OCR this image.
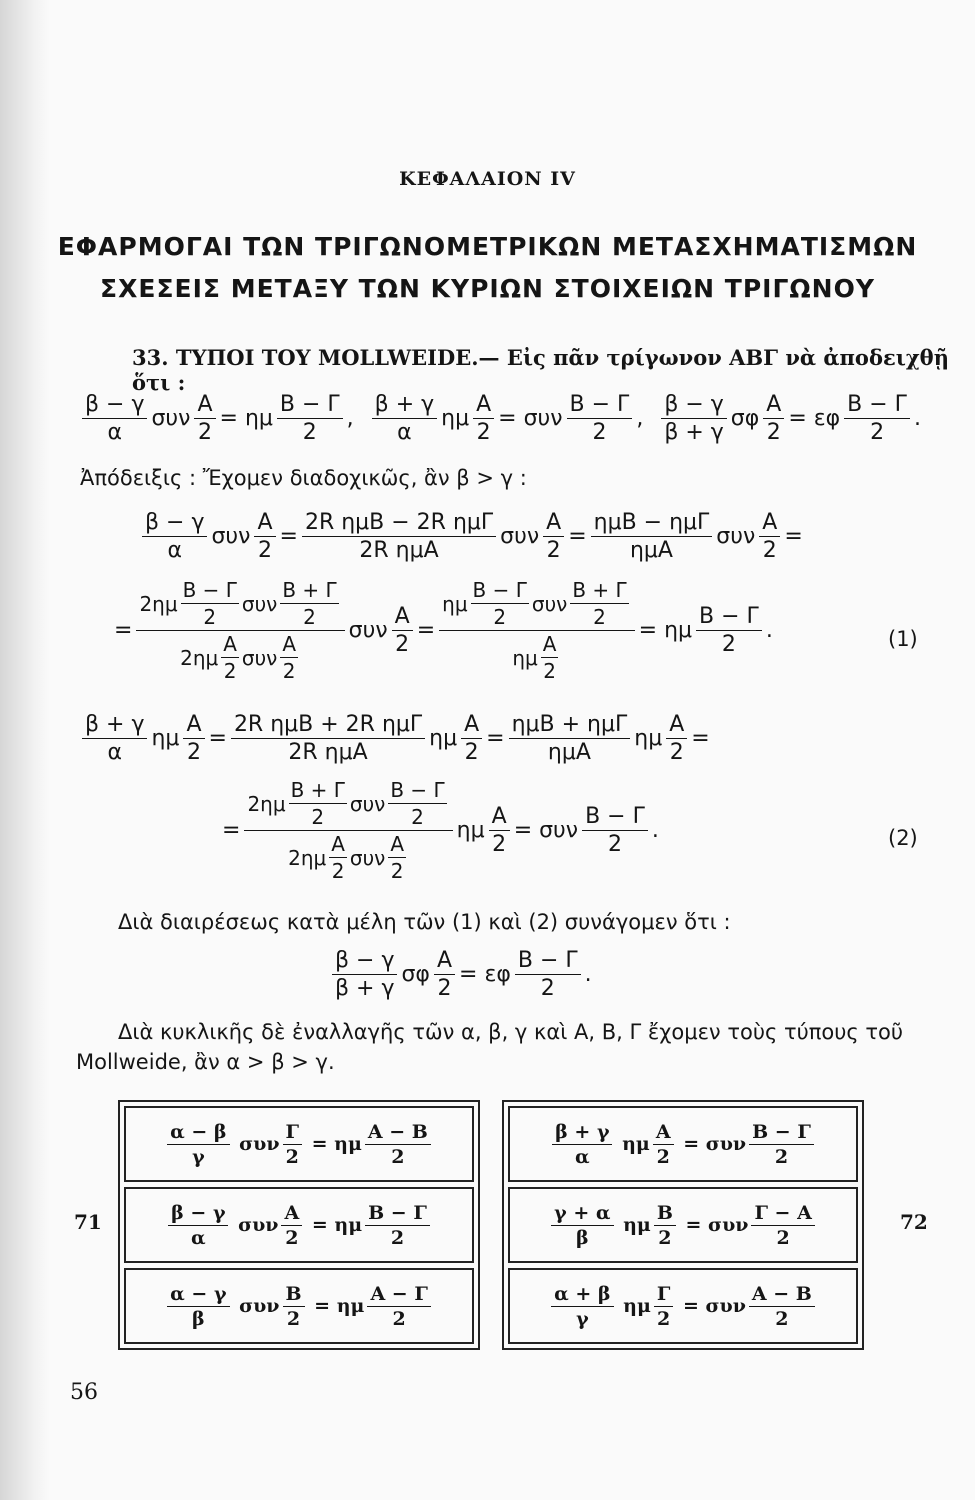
ΚΕΦΑΛΑΙΟΝ IV
ΕΦΑΡΜΟΓΑΙ ΤΩΝ ΤΡΙΓΩΝΟΜΕΤΡΙΚΩΝ ΜΕΤΑΣΧΗΜΑΤΙΣΜΩΝ
ΣΧΕΣΕΙΣ ΜΕΤΑΞΥ ΤΩΝ ΚΥΡΙΩΝ ΣΤΟΙΧΕΙΩΝ ΤΡΙΓΩΝΟΥ
33. ΤΥΠΟΙ ΤΟΥ MOLLWEIDE.— Εἰς πᾶν τρίγωνον ΑΒΓ νὰ ἀποδειχθῇ ὅτι :
$\frac{\beta - \gamma}{\alpha}$ συν $\frac{A}{2} = \eta\mu \frac{B - \Gamma}{2}$ , $\frac{\beta + \gamma}{\alpha}$ ημ $\frac{A}{2} = \sigma\upsilon\nu \frac{B - \Gamma}{2}$ , $\frac{\beta - \gamma}{\beta + \gamma}$ σφ $\frac{A}{2} = \varepsilon\varphi \frac{B - \Gamma}{2}$ .
Ἀπόδειξις : Ἔχομεν διαδοχικῶς, ἂν β > γ :
$\frac{\beta - \gamma}{\alpha}$ συν $\frac{A}{2} = \frac{\text{2R ημB − 2R ημΓ}}{\text{2R ημA}}$ συν $\frac{A}{2} = \frac{\text{ημB − ημΓ}}{\text{ημA}}$ συν $\frac{A}{2}$ =
= $\frac{2\eta\mu \frac{B - \Gamma}{2} \sigma\upsilon\nu \frac{B + \Gamma}{2}}{2\eta\mu \frac{A}{2} \sigma\upsilon\nu \frac{A}{2}}$ συν $\frac{A}{2} = \frac{\eta\mu \frac{B - \Gamma}{2} \sigma\upsilon\nu \frac{B + \Gamma}{2}}{\eta\mu \frac{A}{2}} = \eta\mu \frac{B - \Gamma}{2}$ .	(1)
$\frac{\beta + \gamma}{\alpha}$ ημ $\frac{A}{2} = \frac{\text{2R ημB + 2R ημΓ}}{\text{2R ημA}}$ ημ $\frac{A}{2} = \frac{\text{ημB + ημΓ}}{\text{ημA}}$ ημ $\frac{A}{2}$ =
= $\frac{2\eta\mu \frac{B + \Gamma}{2} \sigma\upsilon\nu \frac{B - \Gamma}{2}}{2\eta\mu \frac{A}{2} \sigma\upsilon\nu \frac{A}{2}}$ ημ $\frac{A}{2} = \sigma\upsilon\nu \frac{B - \Gamma}{2}$ .	(2)
Διὰ διαιρέσεως κατὰ μέλη τῶν (1) καὶ (2) συνάγομεν ὅτι :
$\frac{\beta - \gamma}{\beta + \gamma}$ σφ $\frac{A}{2} = \varepsilon\varphi \frac{B - \Gamma}{2}$ .
Διὰ κυκλικῆς δὲ ἐναλλαγῆς τῶν α, β, γ καὶ Α, Β, Γ ἔχομεν τοὺς τύπους τοῦ
Mollweide, ἂν α > β > γ.
71
$\frac{\alpha - \beta}{\gamma}$ συν $\frac{\Gamma}{2} = \eta\mu \frac{A - B}{2}$
$\frac{\beta - \gamma}{\alpha}$ συν $\frac{A}{2} = \eta\mu \frac{B - \Gamma}{2}$
$\frac{\alpha - \gamma}{\beta}$ συν $\frac{B}{2} = \eta\mu \frac{A - \Gamma}{2}$
$\frac{\beta + \gamma}{\alpha}$ ημ $\frac{A}{2} = \sigma\upsilon\nu \frac{B - \Gamma}{2}$
$\frac{\gamma + \alpha}{\beta}$ ημ $\frac{B}{2} = \sigma\upsilon\nu \frac{\Gamma - A}{2}$
$\frac{\alpha + \beta}{\gamma}$ ημ $\frac{\Gamma}{2} = \sigma\upsilon\nu \frac{A - B}{2}$
72
56
